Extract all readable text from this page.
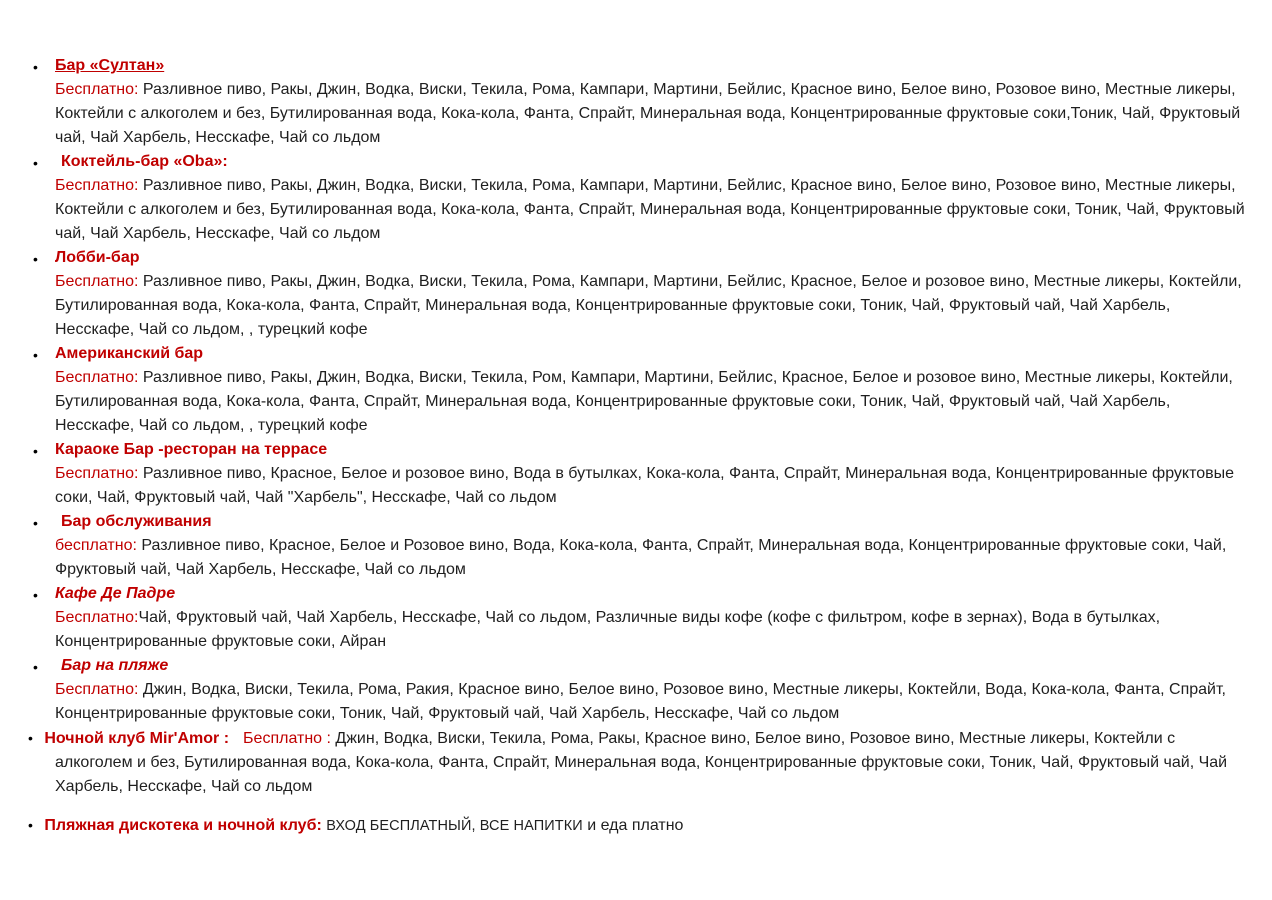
• Бар «Султан»

Бесплатно: Разливное пиво, Ракы, Джин, Водка, Виски, Текила, Рома, Кампари, Мартини, Бейлис, Красное вино, Белое вино, Розовое вино, Местные ликеры, Коктейли с алкоголем и без, Бутилированная вода, Кока-кола, Фанта, Спрайт, Минеральная вода, Концентрированные фруктовые соки,Тоник, Чай, Фруктовый чай, Чай Харбель, Несскафе, Чай со льдом

• Коктейль-бар «Oba»:

Бесплатно: Разливное пиво, Ракы, Джин, Водка, Виски, Текила, Рома, Кампари, Мартини, Бейлис, Красное вино, Белое вино, Розовое вино, Местные ликеры, Коктейли с алкоголем и без, Бутилированная вода, Кока-кола, Фанта, Спрайт, Минеральная вода, Концентрированные фруктовые соки, Тоник, Чай, Фруктовый чай, Чай Харбель, Несскафе, Чай со льдом

• Лобби-бар

Бесплатно: Разливное пиво, Ракы, Джин, Водка, Виски, Текила, Рома, Кампари, Мартини, Бейлис, Красное, Белое и розовое вино, Местные ликеры, Коктейли, Бутилированная вода, Кока-кола, Фанта, Спрайт, Минеральная вода, Концентрированные фруктовые соки, Тоник, Чай, Фруктовый чай, Чай Харбель, Несскафе, Чай со льдом, , турецкий кофе

• Американский бар

Бесплатно: Разливное пиво, Ракы, Джин, Водка, Виски, Текила, Ром, Кампари, Мартини, Бейлис, Красное, Белое и розовое вино, Местные ликеры, Коктейли, Бутилированная вода, Кока-кола, Фанта, Спрайт, Минеральная вода, Концентрированные фруктовые соки, Тоник, Чай, Фруктовый чай, Чай Харбель, Несскафе, Чай со льдом, , турецкий кофе

• Караоке Бар -ресторан на террасе

Бесплатно: Разливное пиво, Красное, Белое и розовое вино, Вода в бутылках, Кока-кола, Фанта, Спрайт, Минеральная вода, Концентрированные фруктовые соки, Чай, Фруктовый чай, Чай "Харбель", Несскафе, Чай со льдом

• Бар обслуживания

бесплатно: Разливное пиво, Красное, Белое и Розовое вино, Вода, Кока-кола, Фанта, Спрайт, Минеральная вода, Концентрированные фруктовые соки, Чай, Фруктовый чай, Чай Харбель, Несскафе, Чай со льдом

• Кафе Де Падре

Бесплатно:Чай, Фруктовый чай, Чай Харбель, Несскафе, Чай со льдом, Различные виды кофе (кофе с фильтром, кофе в зернах), Вода в бутылках, Концентрированные фруктовые соки, Айран

• Бар на пляже

Бесплатно: Джин, Водка, Виски, Текила, Рома, Ракия, Красное вино, Белое вино, Розовое вино, Местные ликеры, Коктейли, Вода, Кока-кола, Фанта, Спрайт, Концентрированные фруктовые соки, Тоник, Чай, Фруктовый чай, Чай Харбель, Несскафе, Чай со льдом

• Ночной клуб Mir'Amor : Бесплатно : Джин, Водка, Виски, Текила, Рома, Ракы, Красное вино, Белое вино, Розовое вино, Местные ликеры, Коктейли с алкоголем и без, Бутилированная вода, Кока-кола, Фанта, Спрайт, Минеральная вода, Концентрированные фруктовые соки, Тоник, Чай, Фруктовый чай, Чай Харбель, Несскафе, Чай со льдом
• Пляжная дискотека и ночной клуб: ВХОД БЕСПЛАТНЫЙ, ВСЕ НАПИТКИ и еда платно
